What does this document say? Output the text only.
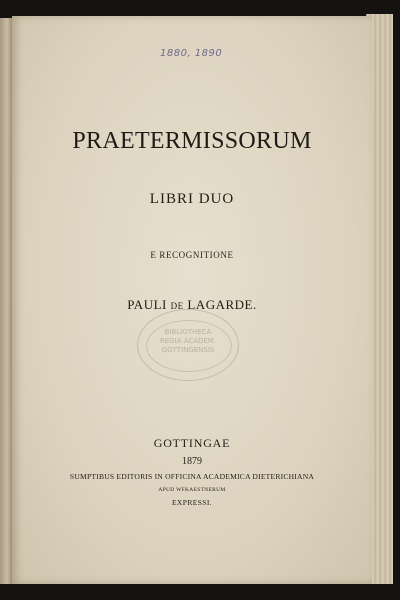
1880, 1890
PRAETERMISSORUM
LIBRI DUO
E RECOGNITIONE
PAULI DE LAGARDE.
BIBLIOTHECA
REGIA ACADEM.
GOTTINGENSIS
GOTTINGAE
1879
SUMPTIBUS EDITORIS IN OFFICINA ACADEMICA DIETERICHIANA
APUD WFKAESTNERUM
EXPRESSI.
